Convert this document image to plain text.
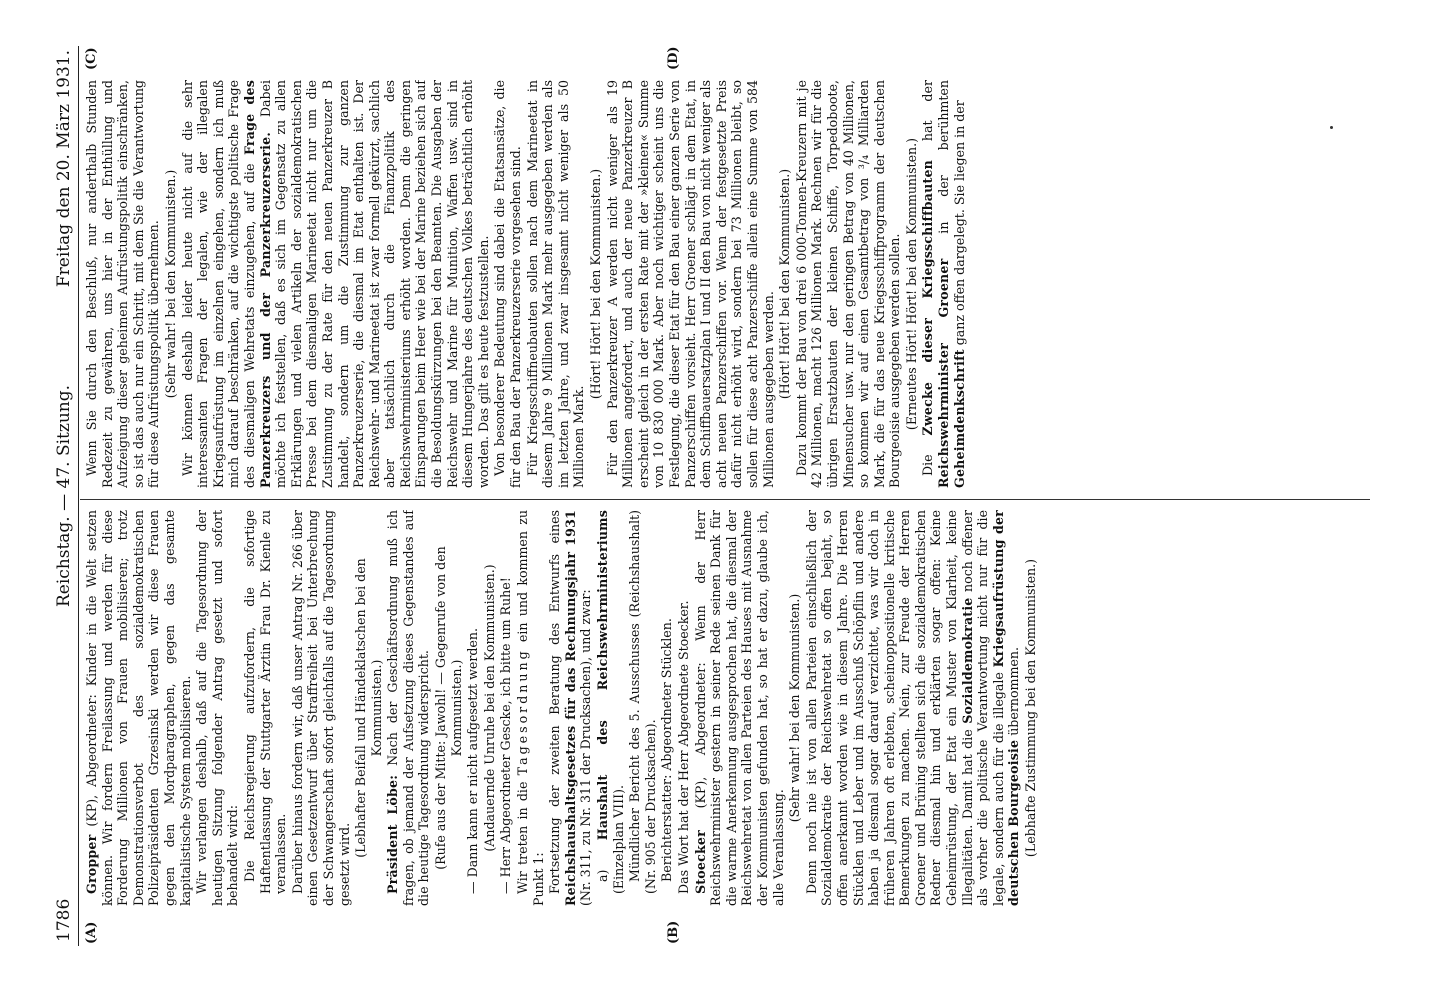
1786
Reichstag. — 47. Sitzung.
Freitag den 20. März 1931.
(A)	(B)
(C)	(D)

Gropper (KP), Abgeordneter: Kinder in die Welt setzen können. Wir fordern Freilassung und werden für diese Forderung Millionen von Frauen mobilisieren; trotz Demonstrationsverbot des sozialdemokratischen Polizeipräsidenten Grzesinski werden wir diese Frauen gegen den Mordparagraphen, gegen das gesamte kapitalistische System mobilisieren. Wir verlangen deshalb, daß auf die Tagesordnung der heutigen Sitzung folgender Antrag gesetzt und sofort behandelt wird: Die Reichsregierung aufzufordern, die sofortige Haftentlassung der Stuttgarter Ärztin Frau Dr. Kienle zu veranlassen. Darüber hinaus fordern wir, daß unser Antrag Nr. 266 über einen Gesetzentwurf über Straffreiheit bei Unterbrechung der Schwangerschaft sofort gleichfalls auf die Tagesordnung gesetzt wird.

(Lebhafter Beifall und Händeklatschen bei den Kommunisten.)

Präsident Löbe: Nach der Geschäftsordnung muß ich fragen, ob jemand der Aufsetzung dieses Gegenstandes auf die heutige Tagesordnung widerspricht. (Rufe aus der Mitte: Jawohl! — Gegenrufe von den Kommunisten.) — Dann kann er nicht aufgesetzt werden. (Andauernde Unruhe bei den Kommunisten.) — Herr Abgeordneter Gescke, ich bitte um Ruhe! Wir treten in die Tagesordnung ein und kommen zu Punkt 1: Fortsetzung der zweiten Beratung des Entwurfs eines Reichshaushaltsgesetzes für das Rechnungsjahr 1931 (Nr. 311, zu Nr. 311 der Drucksachen), und zwar: a) Haushalt des Reichswehrministeriums (Einzelplan VIII). Mündlicher Bericht des 5. Ausschusses (Reichshaushalt) (Nr. 905 der Drucksachen). Berichterstatter: Abgeordneter Stücklen. Das Wort hat der Herr Abgeordnete Stoecker. Stoecker (KP), Abgeordneter: Wenn der Herr Reichswehrminister gestern in seiner Rede seinen Dank für die warme Anerkennung ausgesprochen hat, die diesmal der Reichswehretat von allen Parteien des Hauses mit Ausnahme der Kommunisten gefunden hat, so hat er dazu, glaube ich, alle Veranlassung.

(Sehr wahr! bei den Kommunisten.) Denn noch nie ist von allen Parteien einschließlich der Sozialdemokratie der Reichswehretat so offen bejaht, so offen anerkannt worden wie in diesem Jahre. Die Herren Stücklen und Leber und im Ausschuß Schöpflin und andere haben ja diesmal sogar darauf verzichtet, was wir doch in früheren Jahren oft erlebten, scheinoppositionelle kritische Bemerkungen zu machen. Nein, zur Freude der Herren Groener und Brüning stellten sich die sozialdemokratischen Redner diesmal hin und erklärten sogar offen: Keine Geheimrüstung, der Etat ein Muster von Klarheit, keine Illegalitäten. Damit hat die Sozialdemokratie noch offener als vorher die politische Verantwortung nicht nur für die legale, sondern auch für die illegale Kriegsaufrüstung der deutschen Bourgeoisie übernommen. (Lebhafte Zustimmung bei den Kommunisten.)

Wenn Sie durch den Beschluß, nur anderthalb Stunden Redezeit zu gewähren, uns hier in der Enthüllung und Aufzeigung dieser geheimen Aufrüstungspolitik einschränken, so ist das auch nur ein Schritt, mit dem Sie die Verantwortung für diese Aufrüstungspolitik übernehmen. (Sehr wahr! bei den Kommunisten.) Wir können deshalb leider heute nicht auf die sehr interessanten Fragen der legalen, wie der illegalen Kriegsaufrüstung im einzelnen eingehen, sondern ich muß mich darauf beschränken, auf die wichtigste politische Frage des diesmaligen Wehretats einzugehen, auf die Frage des Panzerkreuzers und der Panzerkreuzerserie. Dabei möchte ich feststellen, daß es sich im Gegensatz zu allen Erklärungen und vielen Artikeln der sozialdemokratischen Presse bei dem diesmaligen Marineetat nicht nur um die Zustimmung zu der Rate für den neuen Panzerkreuzer B handelt, sondern um die Zustimmung zur ganzen Panzerkreuzerserie, die diesmal im Etat enthalten ist. Der Reichswehr- und Marineetat ist zwar formell gekürzt, sachlich aber tatsächlich durch die Finanzpolitik des Reichswehrministeriums erhöht worden. Denn die geringen Einsparungen beim Heer wie bei der Marine beziehen sich auf die Besoldungskürzungen bei den Beamten. Die Ausgaben der Reichswehr und Marine für Munition, Waffen usw. sind in diesem Hungerjahre des deutschen Volkes beträchtlich erhöht worden. Das gilt es heute festzustellen. Von besonderer Bedeutung sind dabei die Etatsansätze, die für den Bau der Panzerkreuzerserie vorgesehen sind. Für Kriegsschiffneubauten sollen nach dem Marineetat in diesem Jahre 9 Millionen Mark mehr ausgegeben werden als im letzten Jahre, und zwar insgesamt nicht weniger als 50 Millionen Mark.

(Hört! Hört! bei den Kommunisten.) Für den Panzerkreuzer A werden nicht weniger als 19 Millionen angefordert, und auch der neue Panzerkreuzer B erscheint gleich in der ersten Rate mit der »kleinen« Summe von 10 830 000 Mark. Aber noch wichtiger scheint uns die Festlegung, die dieser Etat für den Bau einer ganzen Serie von Panzerschiffen vorsieht. Herr Groener schlägt in dem Etat, in dem Schiffbauersatzplan I und II den Bau von nicht weniger als acht neuen Panzerschiffen vor. Wenn der festgesetzte Preis dafür nicht erhöht wird, sondern bei 73 Millionen bleibt, so sollen für diese acht Panzerschiffe allein eine Summe von 584 Millionen ausgegeben werden. (Hört! Hört! bei den Kommunisten.) Dazu kommt der Bau von drei 6 000-Tonnen-Kreuzern mit je 42 Millionen, macht 126 Millionen Mark. Rechnen wir für die übrigen Ersatzbauten der kleinen Schiffe, Torpedoboote, Minensucher usw. nur den geringen Betrag von 40 Millionen, so kommen wir auf einen Gesamtbetrag von ³/₄ Milliarden Mark, die für das neue Kriegsschiffprogramm der deutschen Bourgeoisie ausgegeben werden sollen. (Erneutes Hört! Hört! bei den Kommunisten.)

Die Zwecke dieser Kriegsschiffbauten hat der Reichswehrminister Groener in der berühmten Geheimdenkschrift ganz offen dargelegt. Sie liegen in der
